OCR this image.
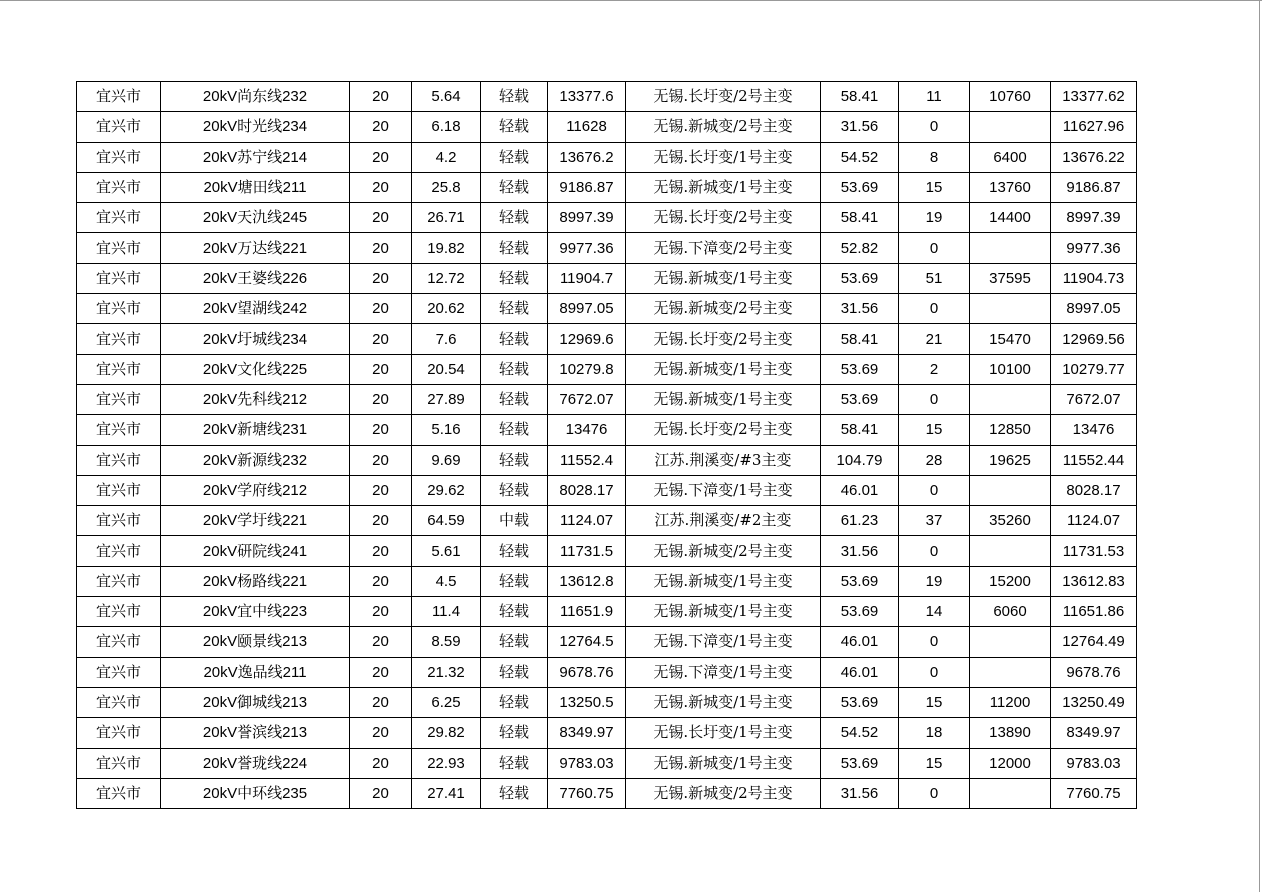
宜兴市	20kV尚东线232	20	5.64	轻载	13377.6	无锡.长圩变/2号主变	58.41	11	10760	13377.62
宜兴市	20kV时光线234	20	6.18	轻载	11628	无锡.新城变/2号主变	31.56	0		11627.96
宜兴市	20kV苏宁线214	20	4.2	轻载	13676.2	无锡.长圩变/1号主变	54.52	8	6400	13676.22
宜兴市	20kV塘田线211	20	25.8	轻载	9186.87	无锡.新城变/1号主变	53.69	15	13760	9186.87
宜兴市	20kV天氿线245	20	26.71	轻载	8997.39	无锡.长圩变/2号主变	58.41	19	14400	8997.39
宜兴市	20kV万达线221	20	19.82	轻载	9977.36	无锡.下漳变/2号主变	52.82	0		9977.36
宜兴市	20kV王婆线226	20	12.72	轻载	11904.7	无锡.新城变/1号主变	53.69	51	37595	11904.73
宜兴市	20kV望湖线242	20	20.62	轻载	8997.05	无锡.新城变/2号主变	31.56	0		8997.05
宜兴市	20kV圩城线234	20	7.6	轻载	12969.6	无锡.长圩变/2号主变	58.41	21	15470	12969.56
宜兴市	20kV文化线225	20	20.54	轻载	10279.8	无锡.新城变/1号主变	53.69	2	10100	10279.77
宜兴市	20kV先科线212	20	27.89	轻载	7672.07	无锡.新城变/1号主变	53.69	0		7672.07
宜兴市	20kV新塘线231	20	5.16	轻载	13476	无锡.长圩变/2号主变	58.41	15	12850	13476
宜兴市	20kV新源线232	20	9.69	轻载	11552.4	江苏.荆溪变/#3主变	104.79	28	19625	11552.44
宜兴市	20kV学府线212	20	29.62	轻载	8028.17	无锡.下漳变/1号主变	46.01	0		8028.17
宜兴市	20kV学圩线221	20	64.59	中载	1124.07	江苏.荆溪变/#2主变	61.23	37	35260	1124.07
宜兴市	20kV研院线241	20	5.61	轻载	11731.5	无锡.新城变/2号主变	31.56	0		11731.53
宜兴市	20kV杨路线221	20	4.5	轻载	13612.8	无锡.新城变/1号主变	53.69	19	15200	13612.83
宜兴市	20kV宜中线223	20	11.4	轻载	11651.9	无锡.新城变/1号主变	53.69	14	6060	11651.86
宜兴市	20kV颐景线213	20	8.59	轻载	12764.5	无锡.下漳变/1号主变	46.01	0		12764.49
宜兴市	20kV逸品线211	20	21.32	轻载	9678.76	无锡.下漳变/1号主变	46.01	0		9678.76
宜兴市	20kV御城线213	20	6.25	轻载	13250.5	无锡.新城变/1号主变	53.69	15	11200	13250.49
宜兴市	20kV誉滨线213	20	29.82	轻载	8349.97	无锡.长圩变/1号主变	54.52	18	13890	8349.97
宜兴市	20kV誉珑线224	20	22.93	轻载	9783.03	无锡.新城变/1号主变	53.69	15	12000	9783.03
宜兴市	20kV中环线235	20	27.41	轻载	7760.75	无锡.新城变/2号主变	31.56	0		7760.75
